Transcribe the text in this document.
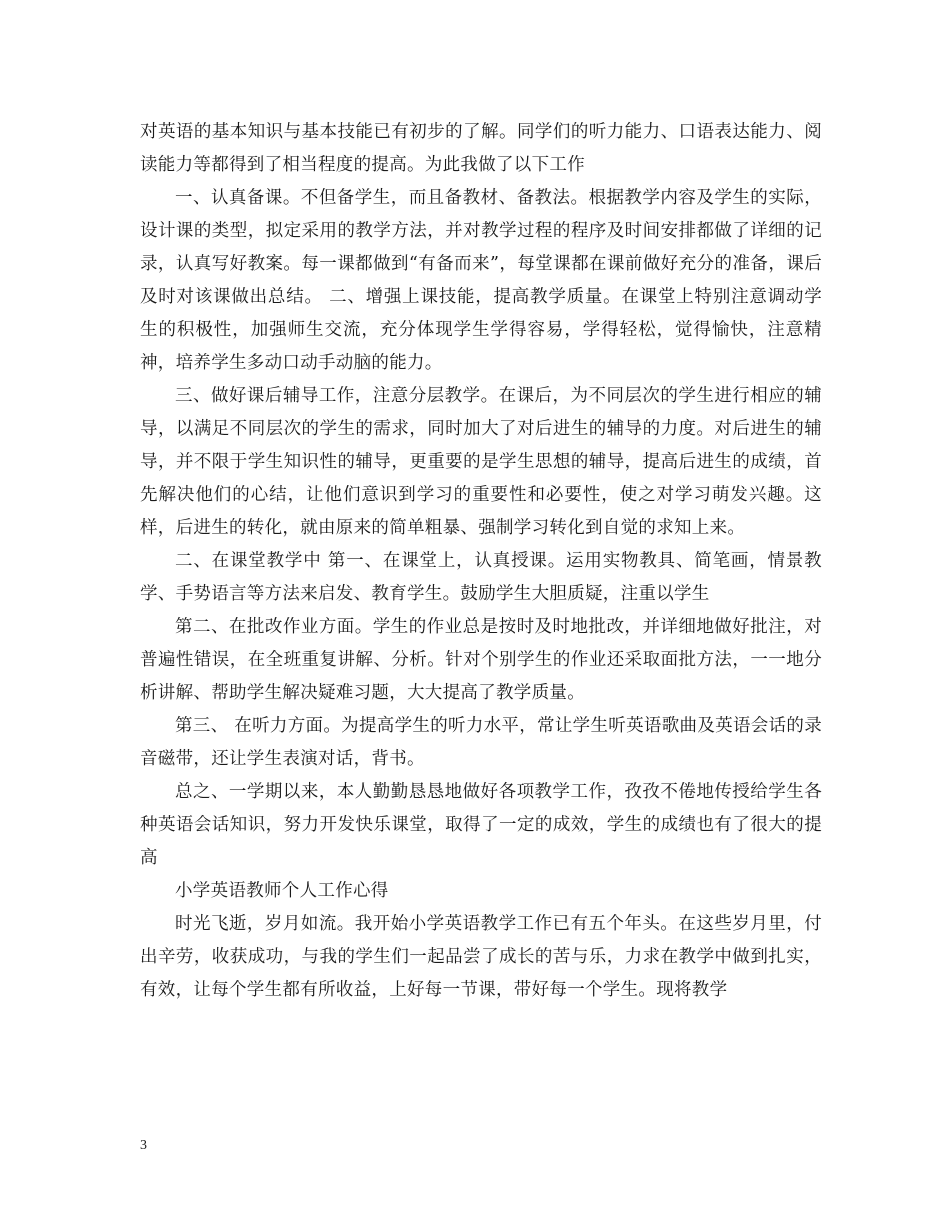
对英语的基本知识与基本技能已有初步的了解。同学们的听力能力、口语表达能力、阅读能力等都得到了相当程度的提高。为此我做了以下工作

一、认真备课。不但备学生，而且备教材、备教法。根据教学内容及学生的实际，设计课的类型，拟定采用的教学方法，并对教学过程的程序及时间安排都做了详细的记录，认真写好教案。每一课都做到“有备而来”，每堂课都在课前做好充分的准备，课后及时对该课做出总结。 二、增强上课技能，提高教学质量。在课堂上特别注意调动学生的积极性，加强师生交流，充分体现学生学得容易，学得轻松，觉得愉快，注意精神，培养学生多动口动手动脑的能力。

三、做好课后辅导工作，注意分层教学。在课后，为不同层次的学生进行相应的辅导，以满足不同层次的学生的需求，同时加大了对后进生的辅导的力度。对后进生的辅导，并不限于学生知识性的辅导，更重要的是学生思想的辅导，提高后进生的成绩，首先解决他们的心结，让他们意识到学习的重要性和必要性，使之对学习萌发兴趣。这样，后进生的转化，就由原来的简单粗暴、强制学习转化到自觉的求知上来。

二、在课堂教学中 第一、在课堂上，认真授课。运用实物教具、简笔画，情景教学、手势语言等方法来启发、教育学生。鼓励学生大胆质疑，注重以学生

第二、在批改作业方面。学生的作业总是按时及时地批改，并详细地做好批注，对普遍性错误，在全班重复讲解、分析。针对个别学生的作业还采取面批方法，一一地分析讲解、帮助学生解决疑难习题，大大提高了教学质量。

第三、 在听力方面。为提高学生的听力水平，常让学生听英语歌曲及英语会话的录音磁带，还让学生表演对话，背书。

总之、一学期以来，本人勤勤恳恳地做好各项教学工作，孜孜不倦地传授给学生各种英语会话知识，努力开发快乐课堂，取得了一定的成效，学生的成绩也有了很大的提高

小学英语教师个人工作心得

时光飞逝，岁月如流。我开始小学英语教学工作已有五个年头。在这些岁月里，付出辛劳，收获成功，与我的学生们一起品尝了成长的苦与乐，力求在教学中做到扎实，有效，让每个学生都有所收益，上好每一节课，带好每一个学生。现将教学

3
